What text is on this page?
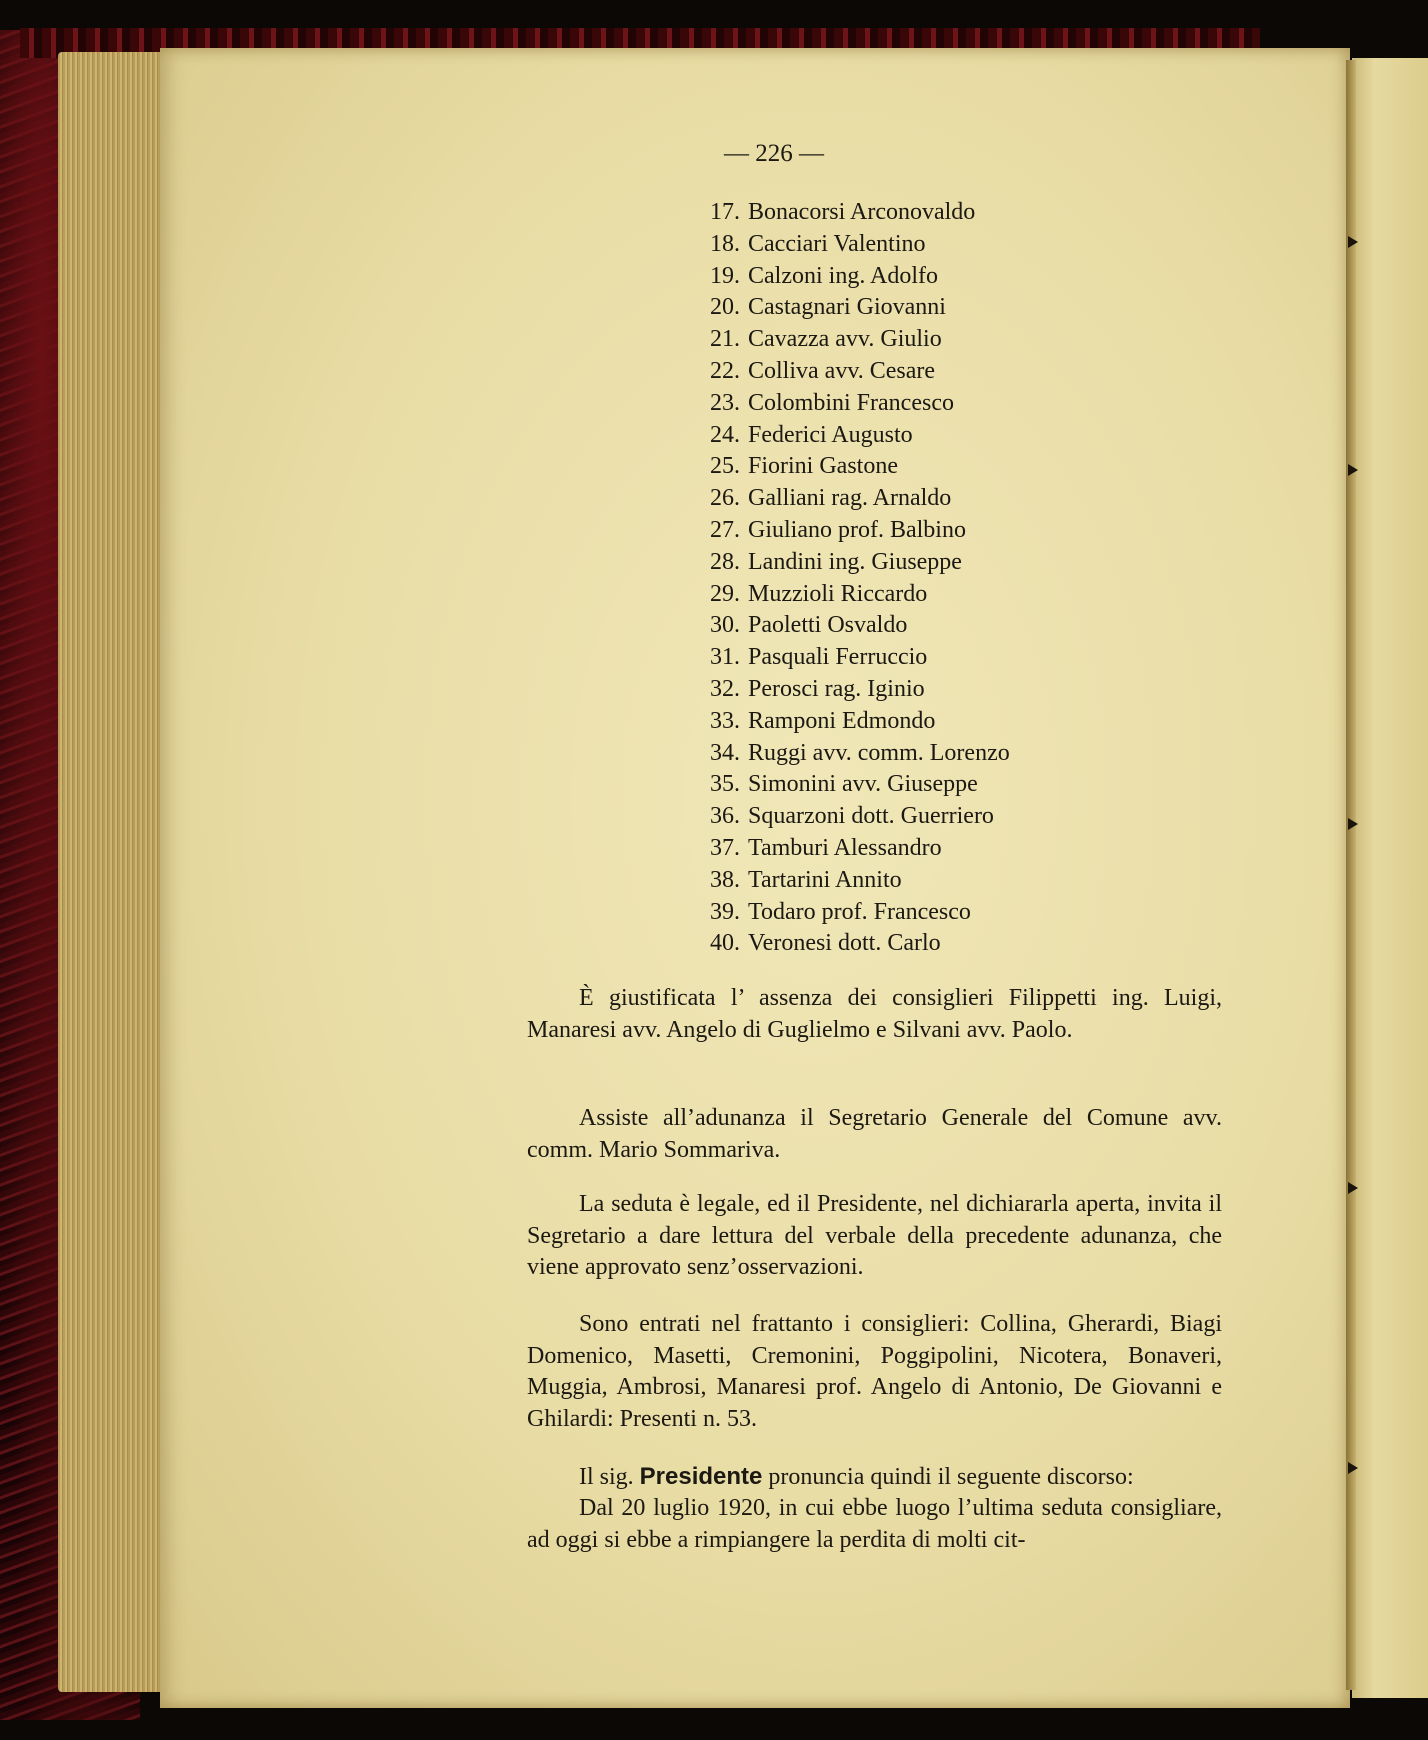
— 226 —
17. Bonacorsi Arconovaldo
18. Cacciari Valentino
19. Calzoni ing. Adolfo
20. Castagnari Giovanni
21. Cavazza avv. Giulio
22. Colliva avv. Cesare
23. Colombini Francesco
24. Federici Augusto
25. Fiorini Gastone
26. Galliani rag. Arnaldo
27. Giuliano prof. Balbino
28. Landini ing. Giuseppe
29. Muzzioli Riccardo
30. Paoletti Osvaldo
31. Pasquali Ferruccio
32. Perosci rag. Iginio
33. Ramponi Edmondo
34. Ruggi avv. comm. Lorenzo
35. Simonini avv. Giuseppe
36. Squarzoni dott. Guerriero
37. Tamburi Alessandro
38. Tartarini Annito
39. Todaro prof. Francesco
40. Veronesi dott. Carlo

È giustificata l’ assenza dei consiglieri Filippetti ing. Luigi, Manaresi avv. Angelo di Guglielmo e Silvani avv. Paolo.

Assiste all’adunanza il Segretario Generale del Comune avv. comm. Mario Sommariva.

La seduta è legale, ed il Presidente, nel dichiararla aperta, invita il Segretario a dare lettura del verbale della precedente adunanza, che viene approvato senz’osservazioni.

Sono entrati nel frattanto i consiglieri: Collina, Gherardi, Biagi Domenico, Masetti, Cremonini, Poggipolini, Nicotera, Bonaveri, Muggia, Ambrosi, Manaresi prof. Angelo di Antonio, De Giovanni e Ghilardi: Presenti n. 53.

Il sig. Presidente pronuncia quindi il seguente discorso:

Dal 20 luglio 1920, in cui ebbe luogo l’ultima seduta consigliare, ad oggi si ebbe a rimpiangere la perdita di molti cit-
